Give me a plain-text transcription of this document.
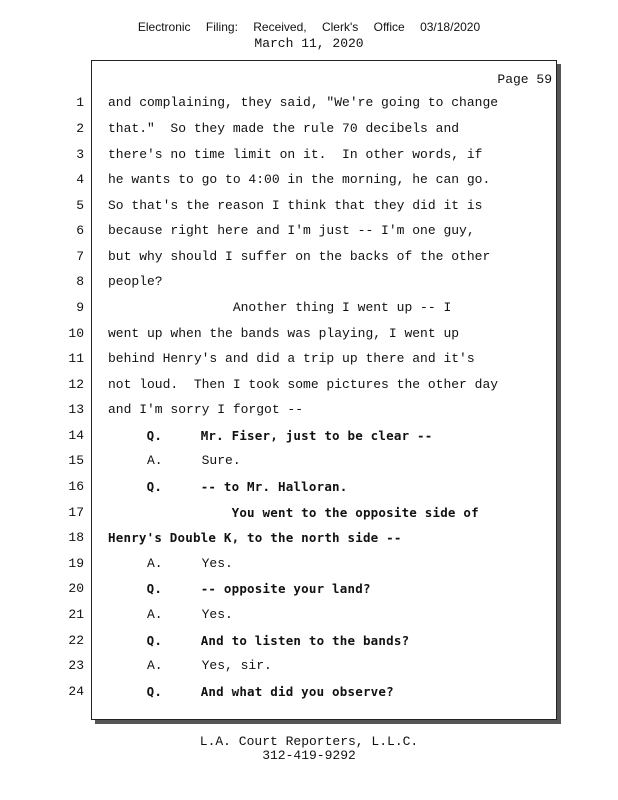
Electronic Filing: Received, Clerk's Office 03/18/2020
March 11, 2020
Page 59
1
2
3
4
5
6
7
8
9
10
11
12
13
14
15
16
17
18
19
20
21
22
23
24
and complaining, they said, "We're going to change
that."  So they made the rule 70 decibels and
there's no time limit on it.  In other words, if
he wants to go to 4:00 in the morning, he can go.
So that's the reason I think that they did it is
because right here and I'm just -- I'm one guy,
but why should I suffer on the backs of the other
people?
Another thing I went up -- I
went up when the bands was playing, I went up
behind Henry's and did a trip up there and it's
not loud.  Then I took some pictures the other day
and I'm sorry I forgot --
Q.     Mr. Fiser, just to be clear --
A.     Sure.
Q.     -- to Mr. Halloran.
You went to the opposite side of
Henry's Double K, to the north side --
A.     Yes.
Q.     -- opposite your land?
A.     Yes.
Q.     And to listen to the bands?
A.     Yes, sir.
Q.     And what did you observe?
L.A. Court Reporters, L.L.C.
312-419-9292
